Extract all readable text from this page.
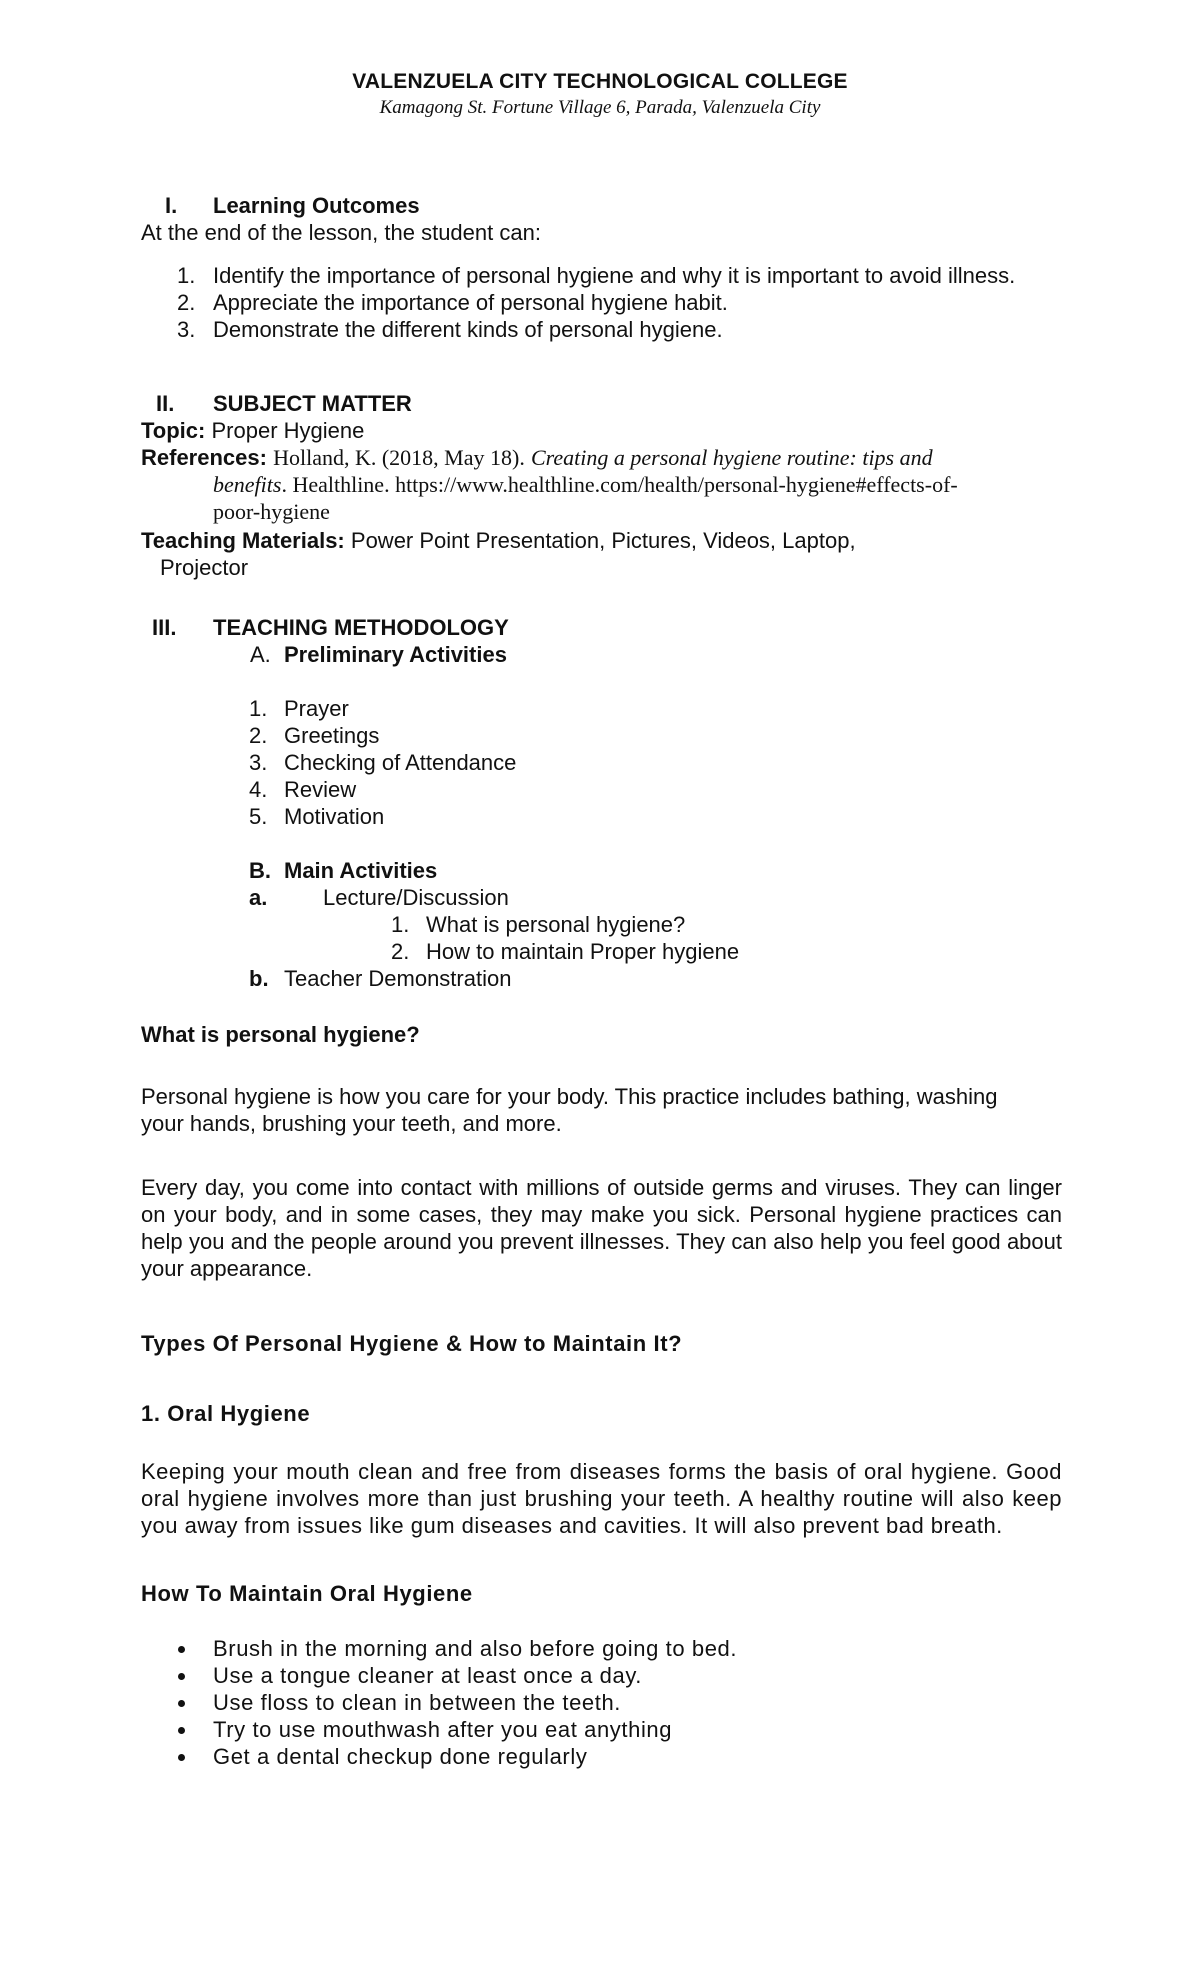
VALENZUELA CITY TECHNOLOGICAL COLLEGE
Kamagong St. Fortune Village 6, Parada, Valenzuela City
I. Learning Outcomes
At the end of the lesson, the student can:
1. Identify the importance of personal hygiene and why it is important to avoid illness.
2. Appreciate the importance of personal hygiene habit.
3. Demonstrate the different kinds of personal hygiene.
II. SUBJECT MATTER
Topic: Proper Hygiene
References: Holland, K. (2018, May 18). Creating a personal hygiene routine: tips and
benefits. Healthline. https://www.healthline.com/health/personal-hygiene#effects-of-
poor-hygiene
Teaching Materials: Power Point Presentation, Pictures, Videos, Laptop,
Projector
III. TEACHING METHODOLOGY
A. Preliminary Activities
1. Prayer
2. Greetings
3. Checking of Attendance
4. Review
5. Motivation
B. Main Activities
a.	Lecture/Discussion
1. What is personal hygiene?
2. How to maintain Proper hygiene
b. Teacher Demonstration
What is personal hygiene?
Personal hygiene is how you care for your body. This practice includes bathing, washing
your hands, brushing your teeth, and more.
Every day, you come into contact with millions of outside germs and viruses. They can linger on your body, and in some cases, they may make you sick. Personal hygiene practices can help you and the people around you prevent illnesses. They can also help you feel good about your appearance.
Types Of Personal Hygiene & How to Maintain It?
1. Oral Hygiene
Keeping your mouth clean and free from diseases forms the basis of oral hygiene. Good oral hygiene involves more than just brushing your teeth. A healthy routine will also keep you away from issues like gum diseases and cavities. It will also prevent bad breath.
How To Maintain Oral Hygiene
Brush in the morning and also before going to bed.
Use a tongue cleaner at least once a day.
Use floss to clean in between the teeth.
Try to use mouthwash after you eat anything
Get a dental checkup done regularly
